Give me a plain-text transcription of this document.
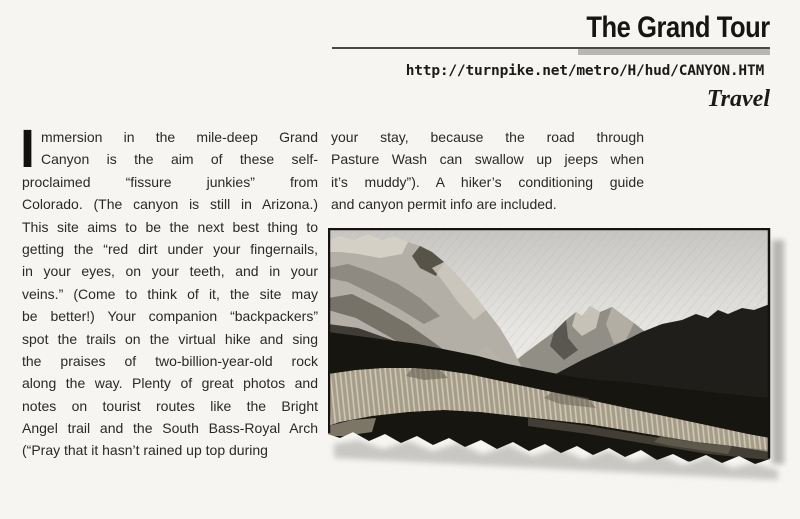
The Grand Tour
http://turnpike.net/metro/H/hud/CANYON.HTM
Travel
I mmersion in the mile-deep Grand
Canyon is the aim of these self-
proclaimed “fissure junkies” from
Colorado. (The canyon is still in Arizona.)
This site aims to be the next best thing to
getting the “red dirt under your fingernails,
in your eyes, on your teeth, and in your
veins.” (Come to think of it, the site may
be better!) Your companion “backpackers”
spot the trails on the virtual hike and sing
the praises of two-billion-year-old rock
along the way. Plenty of great photos and
notes on tourist routes like the Bright
Angel trail and the South Bass-Royal Arch
(“Pray that it hasn’t rained up top during
your stay, because the road through
Pasture Wash can swallow up jeeps when
it’s muddy”). A hiker’s conditioning guide
and canyon permit info are included.
